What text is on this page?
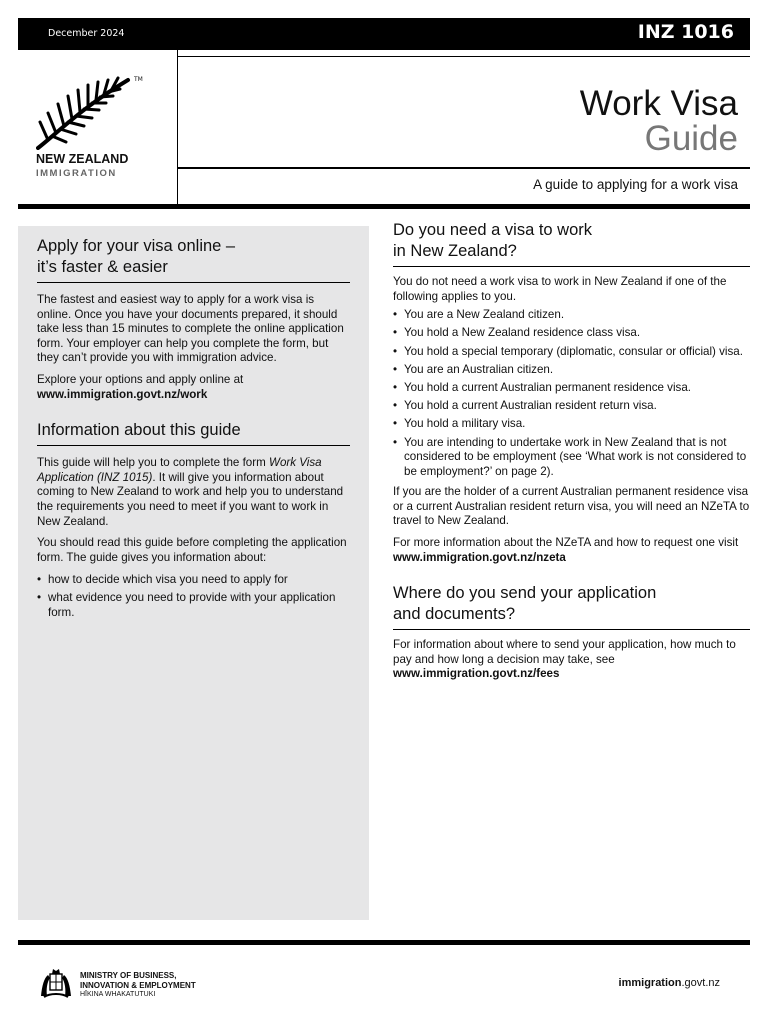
December 2024	INZ 1016
TM
NEW ZEALAND
IMMIGRATION
Work Visa
Guide
A guide to applying for a work visa
Apply for your visa online –
it’s faster & easier

The fastest and easiest way to apply for a work visa is online. Once you have your documents prepared, it should take less than 15 minutes to complete the online application form. Your employer can help you complete the form, but they can’t provide you with immigration advice.

Explore your options and apply online at
www.immigration.govt.nz/work

Information about this guide

This guide will help you to complete the form Work Visa Application (INZ 1015). It will give you information about coming to New Zealand to work and help you to understand the requirements you need to meet if you want to work in New Zealand.

You should read this guide before completing the application form. The guide gives you information about:

• how to decide which visa you need to apply for
• what evidence you need to provide with your application form.
Do you need a visa to work
in New Zealand?

You do not need a work visa to work in New Zealand if one of the following applies to you.

• You are a New Zealand citizen.
• You hold a New Zealand residence class visa.
• You hold a special temporary (diplomatic, consular or official) visa.
• You are an Australian citizen.
• You hold a current Australian permanent residence visa.
• You hold a current Australian resident return visa.
• You hold a military visa.
• You are intending to undertake work in New Zealand that is not considered to be employment (see ‘What work is not considered to be employment?’ on page 2).

If you are the holder of a current Australian permanent residence visa or a current Australian resident return visa, you will need an NZeTA to travel to New Zealand.

For more information about the NZeTA and how to request one visit www.immigration.govt.nz/nzeta

Where do you send your application
and documents?

For information about where to send your application, how much to pay and how long a decision may take, see www.immigration.govt.nz/fees

MINISTRY OF BUSINESS,
INNOVATION & EMPLOYMENT
HĪKINA WHAKATUTUKI
immigration.govt.nz
